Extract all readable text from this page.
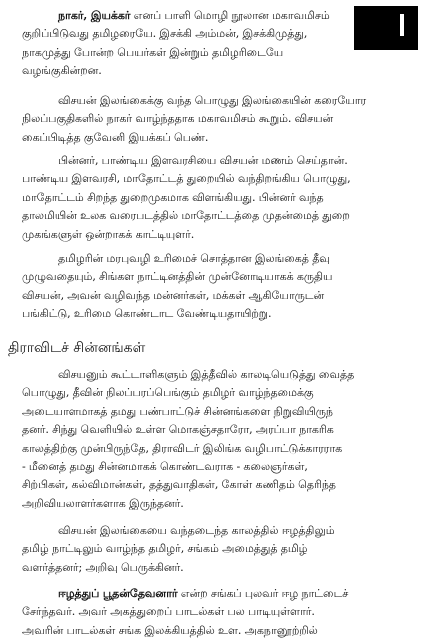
நாகர், இயக்கர் எனப் பாளி மொழி நூலான மகாவமிசம்
குறிப்பிடுவது தமிழரையே. இசக்கி அம்மன், இசக்கிமுத்து,
நாகமுத்து போன்ற பெயர்கள் இன்றும் தமிழரிடையே
வழங்குகின்றன.

விசயன் இலங்கைக்கு வந்த பொழுது இலங்கையின் கரையோர
நிலப்பகுதிகளில் நாகர் வாழ்ந்ததாக மகாவமிசம் கூறும். விசயன்
கைப்பிடித்த குவேனி இயக்கப் பெண்.

பின்னர், பாண்டிய இளவரசியை விசயன் மணம் செய்தான்.
பாண்டிய இளவரசி, மாதோட்டத் துறையில் வந்திறங்கிய பொழுது,
மாதோட்டம் சிறந்த துறைமுகமாக விளங்கியது. பின்னர் வந்த
தாலமியின் உலக வரைபடத்தில் மாதோட்டத்தை முதன்மைத் துறை
முகங்களுள் ஒன்றாகக் காட்டியுளர்.

தமிழரின் மரபுவழி உரிமைச் சொத்தான இலங்கைத் தீவு
முழுவதையும், சிங்கள நாட்டினத்தின் முன்னோடியாகக் கருதிய
விசயன், அவன் வழிவந்த மன்னர்கள், மக்கள் ஆகியோருடன்
பங்கிட்டு, உரிமை கொண்டாட வேண்டியதாயிற்று.

திராவிடச் சின்னங்கள்

விசயனும் கூட்டாளிகளும் இத்தீவில் காலடியெடுத்து வைத்த
பொழுது, தீவின் நிலப்பரப்பெங்கும் தமிழர் வாழ்ந்தமைக்கு
அடையாளமாகத் தமது பண்பாட்டுச் சின்னங்களை நிறுவியிருந்
தனர். சிந்து வெளியில் உள்ள மொகஞ்சதாரோ, அரப்பா நாகரிக
காலத்திற்கு முன்பிருந்தே, திராவிடர் இலிங்க வழிபாட்டுக்காரராக
- மீனைத் தமது சின்னமாகக் கொண்டவராக - கலைஞர்கள்,
சிற்பிகள், கல்விமான்கள், தத்துவாதிகள், கோள் கணிதம் தெரிந்த
அறிவியலாளர்களாக இருந்தனர்.

விசயன் இலங்கையை வந்தடைந்த காலத்தில் ஈழத்திலும்
தமிழ் நாட்டிலும் வாழ்ந்த தமிழர், சங்கம் அமைத்துத் தமிழ்
வளர்த்தனர்; அறிவு பெருக்கினர்.

ஈழத்துப் பூதன்தேவனார் என்ற சங்கப் புலவர் ஈழ நாட்டைச்
சேர்ந்தவர். அவர் அகத்துறைப் பாடல்கள் பல பாடியுள்ளார்.
அவரின் பாடல்கள் சங்க இலக்கியத்தில் உள. அகநானூற்றில்
